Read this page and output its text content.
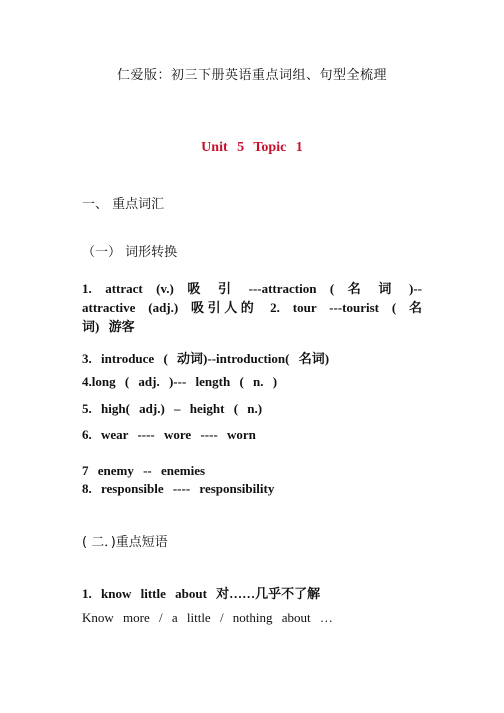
仁爱版：初三下册英语重点词组、句型全梳理
Unit 5 Topic 1
一、 重点词汇
（一） 词形转换
1. attract (v.) 吸 引 ---attraction ( 名 词 )--
attractive (adj.) 吸引人的 2. tour ---tourist ( 名
词) 游客
3. introduce ( 动词)--introduction( 名词)
4.long ( adj. )--- length ( n. )
5. high( adj.) – height ( n.)
6. wear ---- wore ---- worn
7 enemy -- enemies
8. responsible ---- responsibility
( 二．)重点短语
1. know little about 对……几乎不了解
Know more / a little / nothing about …
